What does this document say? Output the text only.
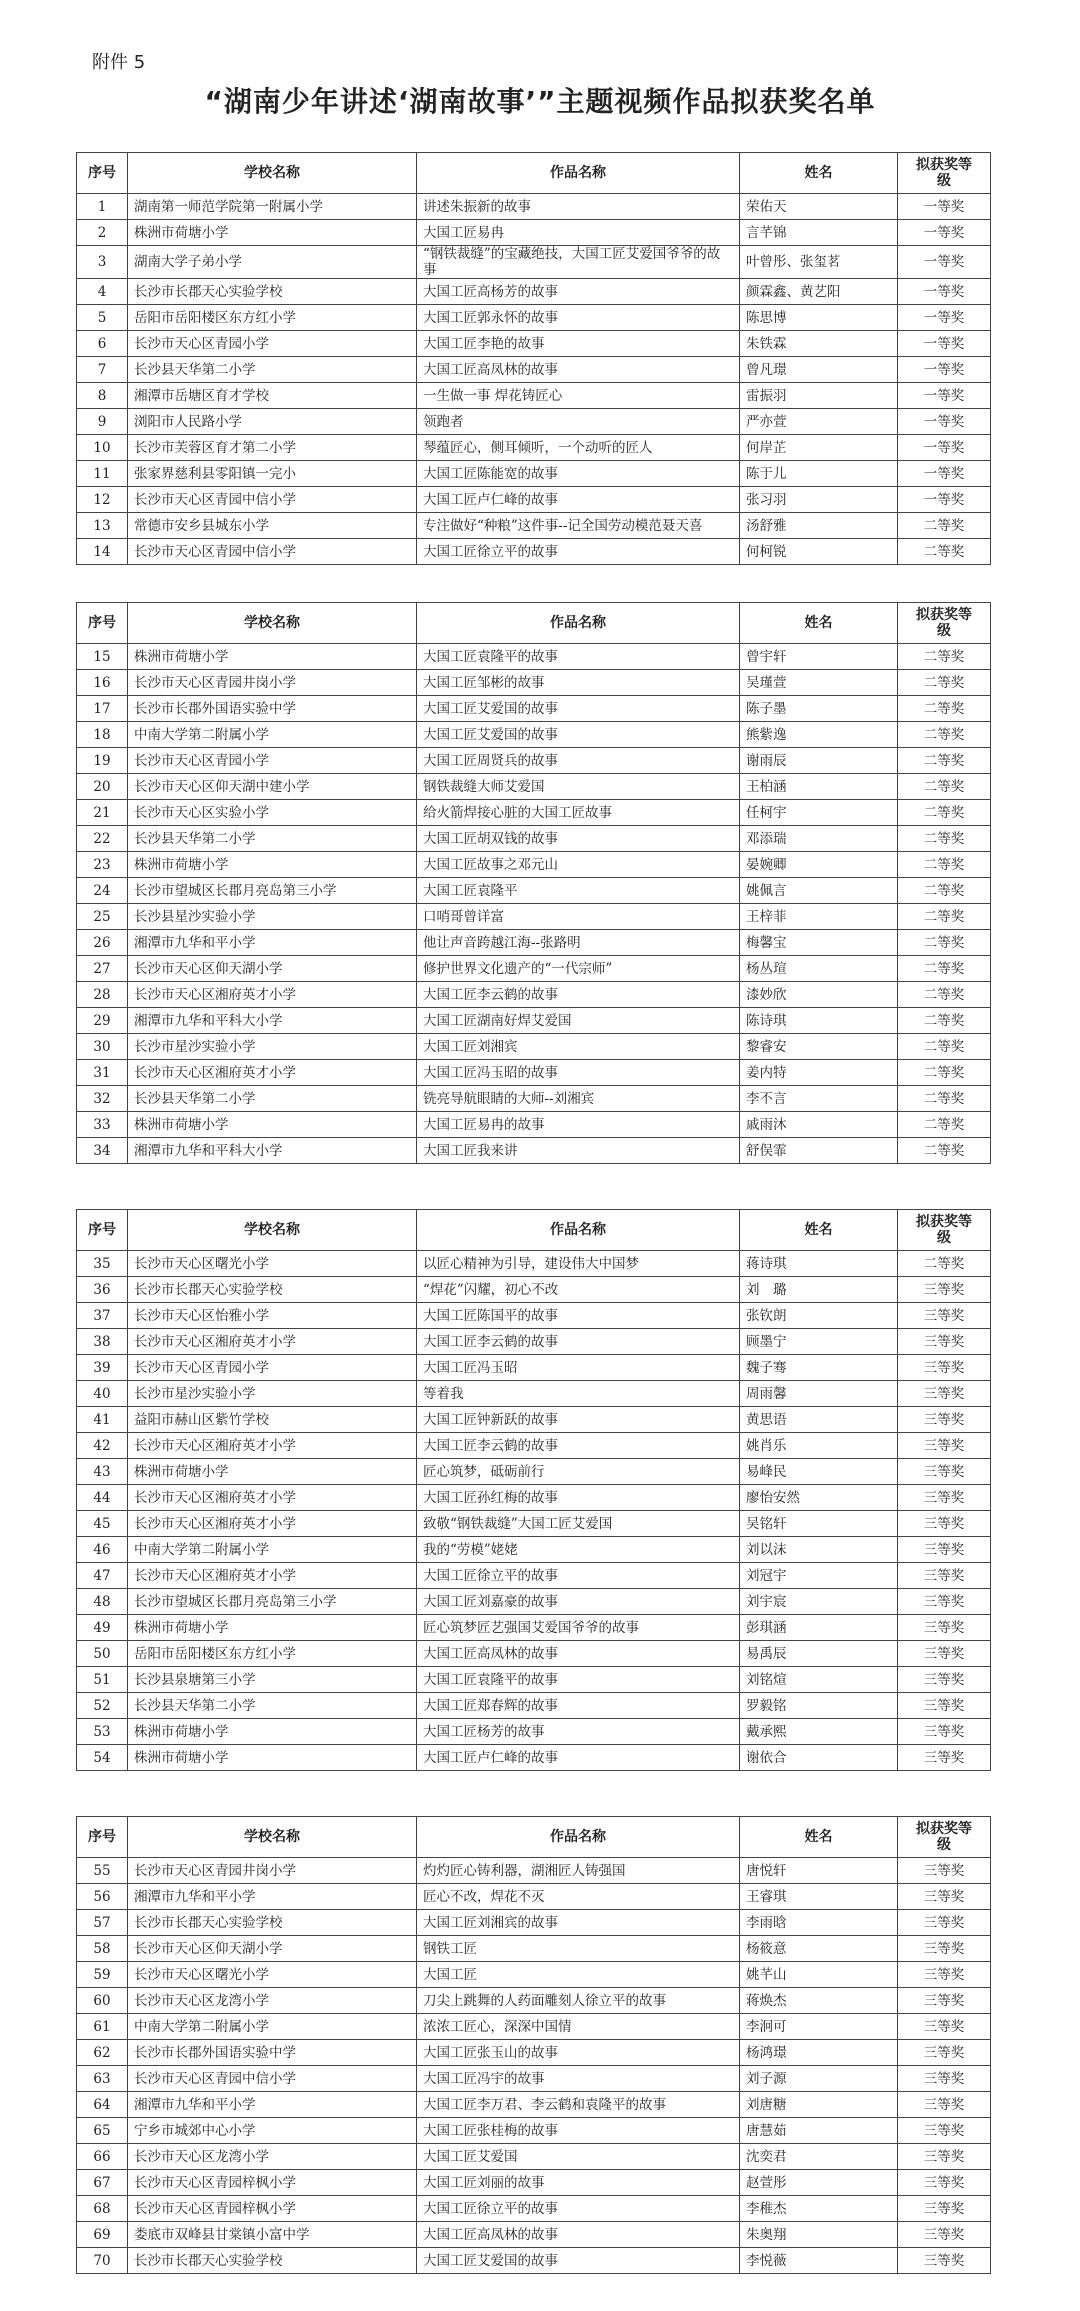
附件 5
“湖南少年讲述‘湖南故事’”主题视频作品拟获奖名单
序号	学校名称	作品名称	姓名	拟获奖等级
1	湖南第一师范学院第一附属小学	讲述朱振新的故事	荣佑天	一等奖
2	株洲市荷塘小学	大国工匠易冉	言芊锦	一等奖
3	湖南大学子弟小学	“钢铁裁缝”的宝藏绝技，大国工匠艾爱国爷爷的故事	叶曾彤、张玺茗	一等奖
4	长沙市长郡天心实验学校	大国工匠高杨芳的故事	颜霖鑫、黄艺阳	一等奖
5	岳阳市岳阳楼区东方红小学	大国工匠郭永怀的故事	陈思博	一等奖
6	长沙市天心区青园小学	大国工匠李艳的故事	朱铁霖	一等奖
7	长沙县天华第二小学	大国工匠高凤林的故事	曾凡璟	一等奖
8	湘潭市岳塘区育才学校	一生做一事 焊花铸匠心	雷振羽	一等奖
9	浏阳市人民路小学	领跑者	严亦萱	一等奖
10	长沙市芙蓉区育才第二小学	琴蕴匠心，侧耳倾听，一个动听的匠人	何岸芷	一等奖
11	张家界慈利县零阳镇一完小	大国工匠陈能宽的故事	陈于儿	一等奖
12	长沙市天心区青园中信小学	大国工匠卢仁峰的故事	张习羽	一等奖
13	常德市安乡县城东小学	专注做好“种粮”这件事--记全国劳动模范聂天喜	汤舒雅	二等奖
14	长沙市天心区青园中信小学	大国工匠徐立平的故事	何柯锐	二等奖
序号	学校名称	作品名称	姓名	拟获奖等级
15	株洲市荷塘小学	大国工匠袁隆平的故事	曾宇轩	二等奖
16	长沙市天心区青园井岗小学	大国工匠邹彬的故事	吴瑾萱	二等奖
17	长沙市长郡外国语实验中学	大国工匠艾爱国的故事	陈子墨	二等奖
18	中南大学第二附属小学	大国工匠艾爱国的故事	熊紫逸	二等奖
19	长沙市天心区青园小学	大国工匠周贤兵的故事	谢雨辰	二等奖
20	长沙市天心区仰天湖中建小学	钢铁裁缝大师艾爱国	王柏涵	二等奖
21	长沙市天心区实验小学	给火箭焊接心脏的大国工匠故事	任柯宇	二等奖
22	长沙县天华第二小学	大国工匠胡双钱的故事	邓添瑞	二等奖
23	株洲市荷塘小学	大国工匠故事之邓元山	晏婉卿	二等奖
24	长沙市望城区长郡月亮岛第三小学	大国工匠袁隆平	姚佩言	二等奖
25	长沙县星沙实验小学	口哨哥曾详富	王梓菲	二等奖
26	湘潭市九华和平小学	他让声音跨越江海--张路明	梅馨宝	二等奖
27	长沙市天心区仰天湖小学	修护世界文化遗产的“一代宗师”	杨丛瑄	二等奖
28	长沙市天心区湘府英才小学	大国工匠李云鹤的故事	漆妙欣	二等奖
29	湘潭市九华和平科大小学	大国工匠湖南好焊艾爱国	陈诗琪	二等奖
30	长沙市星沙实验小学	大国工匠刘湘宾	黎睿安	二等奖
31	长沙市天心区湘府英才小学	大国工匠冯玉昭的故事	姜内特	二等奖
32	长沙县天华第二小学	铣亮导航眼睛的大师--刘湘宾	李不言	二等奖
33	株洲市荷塘小学	大国工匠易冉的故事	戚雨沐	二等奖
34	湘潭市九华和平科大小学	大国工匠我来讲	舒俣霏	二等奖
序号	学校名称	作品名称	姓名	拟获奖等级
35	长沙市天心区曙光小学	以匠心精神为引导，建设伟大中国梦	蒋诗琪	二等奖
36	长沙市长郡天心实验学校	“焊花”闪耀，初心不改	刘　璐	三等奖
37	长沙市天心区怡雅小学	大国工匠陈国平的故事	张钦朗	三等奖
38	长沙市天心区湘府英才小学	大国工匠李云鹤的故事	顾墨宁	三等奖
39	长沙市天心区青园小学	大国工匠冯玉昭	魏子骞	三等奖
40	长沙市星沙实验小学	等着我	周雨馨	三等奖
41	益阳市赫山区紫竹学校	大国工匠钟新跃的故事	黄思语	三等奖
42	长沙市天心区湘府英才小学	大国工匠李云鹤的故事	姚肖乐	三等奖
43	株洲市荷塘小学	匠心筑梦，砥砺前行	易峰民	三等奖
44	长沙市天心区湘府英才小学	大国工匠孙红梅的故事	廖怡安然	三等奖
45	长沙市天心区湘府英才小学	致敬“钢铁裁缝”大国工匠艾爱国	吴铭轩	三等奖
46	中南大学第二附属小学	我的“劳模”姥姥	刘以沫	三等奖
47	长沙市天心区湘府英才小学	大国工匠徐立平的故事	刘冠宇	三等奖
48	长沙市望城区长郡月亮岛第三小学	大国工匠刘嘉豪的故事	刘宇宸	三等奖
49	株洲市荷塘小学	匠心筑梦匠艺强国艾爱国爷爷的故事	彭琪涵	三等奖
50	岳阳市岳阳楼区东方红小学	大国工匠高凤林的故事	易禹辰	三等奖
51	长沙县泉塘第三小学	大国工匠袁隆平的故事	刘铭煊	三等奖
52	长沙县天华第二小学	大国工匠郑春辉的故事	罗毅铭	三等奖
53	株洲市荷塘小学	大国工匠杨芳的故事	戴承熙	三等奖
54	株洲市荷塘小学	大国工匠卢仁峰的故事	谢依合	三等奖
序号	学校名称	作品名称	姓名	拟获奖等级
55	长沙市天心区青园井岗小学	灼灼匠心铸利器，湖湘匠人铸强国	唐悦轩	三等奖
56	湘潭市九华和平小学	匠心不改，焊花不灭	王睿琪	三等奖
57	长沙市长郡天心实验学校	大国工匠刘湘宾的故事	李雨晗	三等奖
58	长沙市天心区仰天湖小学	钢铁工匠	杨筱意	三等奖
59	长沙市天心区曙光小学	大国工匠	姚芊山	三等奖
60	长沙市天心区龙湾小学	刀尖上跳舞的人药面雕刻人徐立平的故事	蒋焕杰	三等奖
61	中南大学第二附属小学	浓浓工匠心，深深中国情	李泂可	三等奖
62	长沙市长郡外国语实验中学	大国工匠张玉山的故事	杨鸿璟	三等奖
63	长沙市天心区青园中信小学	大国工匠冯宇的故事	刘子源	三等奖
64	湘潭市九华和平小学	大国工匠李万君、李云鹤和袁隆平的故事	刘唐糖	三等奖
65	宁乡市城郊中心小学	大国工匠张桂梅的故事	唐慧茹	三等奖
66	长沙市天心区龙湾小学	大国工匠艾爱国	沈奕君	三等奖
67	长沙市天心区青园梓枫小学	大国工匠刘丽的故事	赵萱彤	三等奖
68	长沙市天心区青园梓枫小学	大国工匠徐立平的故事	李稚杰	三等奖
69	娄底市双峰县甘棠镇小富中学	大国工匠高凤林的故事	朱奥翔	三等奖
70	长沙市长郡天心实验学校	大国工匠艾爱国的故事	李悦薇	三等奖
